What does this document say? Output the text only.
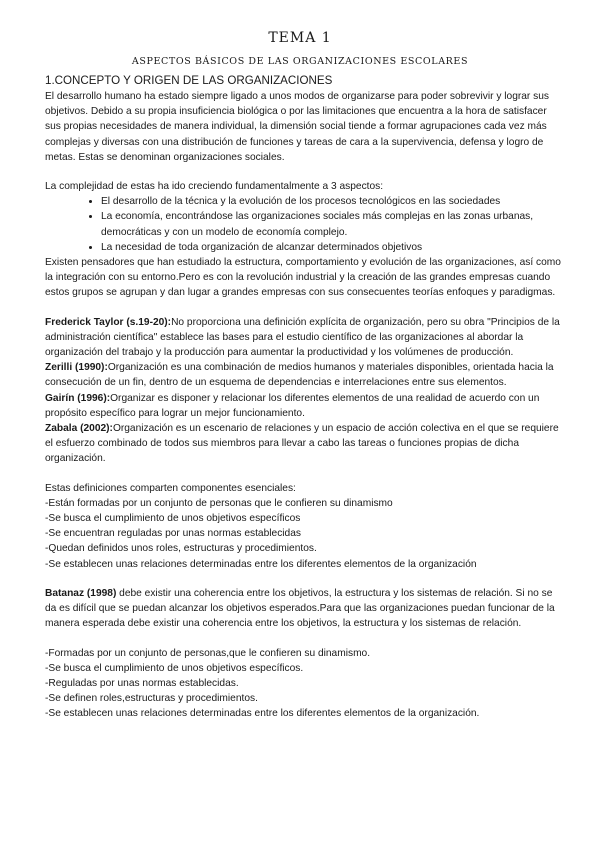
TEMA 1
ASPECTOS BÁSICOS DE LAS ORGANIZACIONES ESCOLARES
1.CONCEPTO Y ORIGEN DE LAS ORGANIZACIONES

El desarrollo humano ha estado siempre ligado a unos modos de organizarse para poder sobrevivir y lograr sus objetivos. Debido a su propia insuficiencia biológica o por las limitaciones que encuentra a la hora de satisfacer sus propias necesidades de manera individual, la dimensión social tiende a formar agrupaciones cada vez más complejas y diversas con una distribución de funciones y tareas de cara a la supervivencia, defensa y logro de metas. Estas se denominan organizaciones sociales.

La complejidad de estas ha ido creciendo fundamentalmente a 3 aspectos:

• El desarrollo de la técnica y la evolución de los procesos tecnológicos en las sociedades
• La economía, encontrándose las organizaciones sociales más complejas en las zonas urbanas, democráticas y con un modelo de economía complejo.
• La necesidad de toda organización de alcanzar determinados objetivos

Existen pensadores que han estudiado la estructura, comportamiento y evolución de las organizaciones, así como la integración con su entorno.Pero es con la revolución industrial y la creación de las grandes empresas cuando estos grupos se agrupan y dan lugar a grandes empresas con sus consecuentes teorías enfoques y paradigmas.

Frederick Taylor (s.19-20):No proporciona una definición explícita de organización, pero su obra "Principios de la administración científica" establece las bases para el estudio científico de las organizaciones al abordar la organización del trabajo y la producción para aumentar la productividad y los volúmenes de producción.

Zerilli (1990):Organización es una combinación de medios humanos y materiales disponibles, orientada hacia la consecución de un fin, dentro de un esquema de dependencias e interrelaciones entre sus elementos.

Gairín (1996):Organizar es disponer y relacionar los diferentes elementos de una realidad de acuerdo con un propósito específico para lograr un mejor funcionamiento.

Zabala (2002):Organización es un escenario de relaciones y un espacio de acción colectiva en el que se requiere el esfuerzo combinado de todos sus miembros para llevar a cabo las tareas o funciones propias de dicha organización.

Estas definiciones comparten componentes esenciales:

-Están formadas por un conjunto de personas que le confieren su dinamismo

-Se busca el cumplimiento de unos objetivos específicos

-Se encuentran reguladas por unas normas establecidas

-Quedan definidos unos roles, estructuras y procedimientos.

-Se establecen unas relaciones determinadas entre los diferentes elementos de la organización

Batanaz (1998) debe existir una coherencia entre los objetivos, la estructura y los sistemas de relación. Si no se da es difícil que se puedan alcanzar los objetivos esperados.Para que las organizaciones puedan funcionar de la manera esperada debe existir una coherencia entre los objetivos, la estructura y los sistemas de relación.

-Formadas por un conjunto de personas,que le confieren su dinamismo.

-Se busca el cumplimiento de unos objetivos específicos.

-Reguladas por unas normas establecidas.

-Se definen roles,estructuras y procedimientos.

-Se establecen unas relaciones determinadas entre los diferentes elementos de la organización.
